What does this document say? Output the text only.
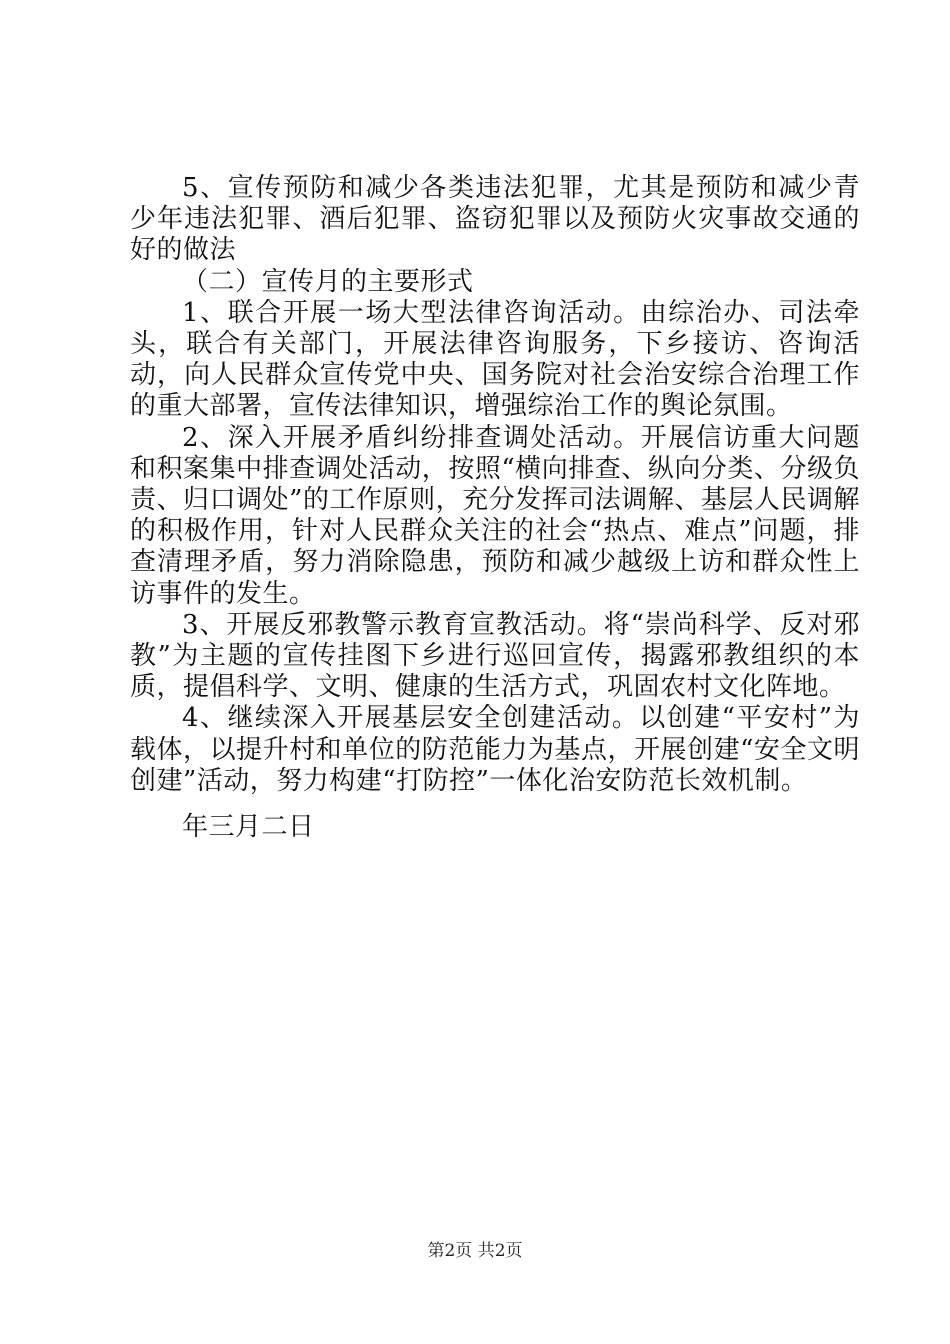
5、宣传预防和减少各类违法犯罪，尤其是预防和减少青少年违法犯罪、酒后犯罪、盗窃犯罪以及预防火灾事故交通的好的做法

（二）宣传月的主要形式

1、联合开展一场大型法律咨询活动。由综治办、司法牵头，联合有关部门，开展法律咨询服务，下乡接访、咨询活动，向人民群众宣传党中央、国务院对社会治安综合治理工作的重大部署，宣传法律知识，增强综治工作的舆论氛围。

2、深入开展矛盾纠纷排查调处活动。开展信访重大问题和积案集中排查调处活动，按照“横向排查、纵向分类、分级负责、归口调处”的工作原则，充分发挥司法调解、基层人民调解的积极作用，针对人民群众关注的社会“热点、难点”问题，排查清理矛盾，努力消除隐患，预防和减少越级上访和群众性上访事件的发生。

3、开展反邪教警示教育宣教活动。将“崇尚科学、反对邪教”为主题的宣传挂图下乡进行巡回宣传，揭露邪教组织的本质，提倡科学、文明、健康的生活方式，巩固农村文化阵地。

4、继续深入开展基层安全创建活动。以创建“平安村”为载体，以提升村和单位的防范能力为基点，开展创建“安全文明创建”活动，努力构建“打防控”一体化治安防范长效机制。

年三月二日
第2页 共2页
